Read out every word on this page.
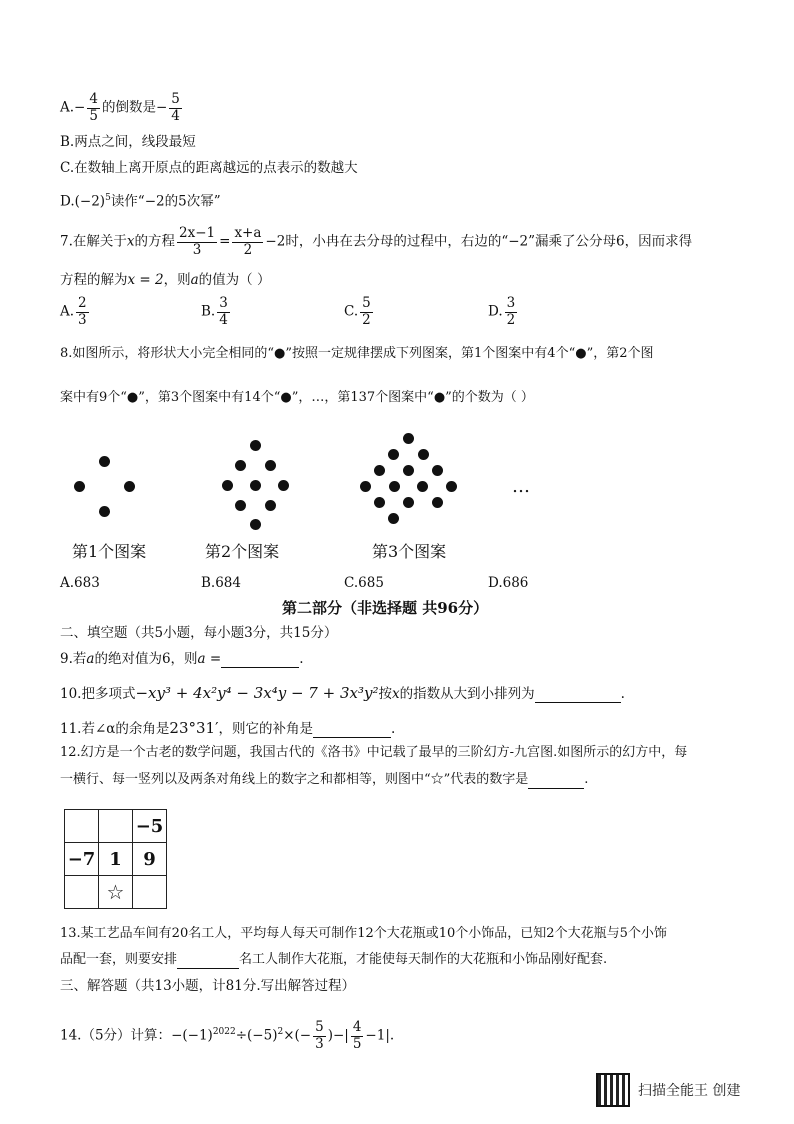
$A.- \frac{4}{5}$ 的倒数是− $\frac{5}{4}$
B.两点之间，线段最短
C.在数轴上离开原点的距离越远的点表示的数越大
$D.(-2)^5$读作“−2的5次幂”
7.在解关于x的方程 $\frac{2x-1}{3} = \frac{x+a}{2} -2$时，小冉在去分母的过程中，右边的“−2”漏乘了公分母6，因而求得
方程的解为x = 2，则a的值为（ ）
A. $\frac{2}{3}$	B. $\frac{3}{4}$	C. $\frac{5}{2}$	D. $\frac{3}{2}$
8.如图所示，将形状大小完全相同的“●”按照一定规律摆成下列图案，第1个图案中有4个“●”，第2个图
案中有9个“●”，第3个图案中有14个“●”，…，第137个图案中“●”的个数为（ ）
…
第1个图案	第2个图案	第3个图案
A.683	B.684	C.685	D.686
第二部分（非选择题 共96分）
二、填空题（共5小题，每小题3分，共15分）
9.若a的绝对值为6，则a =	.
10.把多项式−xy³ + 4x²y⁴ − 3x⁴y − 7 + 3x³y²按x的指数从大到小排列为	.
11.若∠α的余角是23°31′，则它的补角是	.
12.幻方是一个古老的数学问题，我国古代的《洛书》中记载了最早的三阶幻方-九宫图.如图所示的幻方中，每
一横行、每一竖列以及两条对角线上的数字之和都相等，则图中“☆”代表的数字是	.
		−5
−7	1	9
	☆	
13.某工艺品车间有20名工人，平均每人每天可制作12个大花瓶或10个小饰品，已知2个大花瓶与5个小饰
品配一套，则要安排	名工人制作大花瓶，才能使每天制作的大花瓶和小饰品刚好配套.
三、解答题（共13小题，计81分.写出解答过程）
14.（5分）计算：$-(-1)^{2022}\div(-5)^2\times(- \frac{5}{3}$ )−| $\frac{4}{5} -1|$.
扫描全能王 创建
